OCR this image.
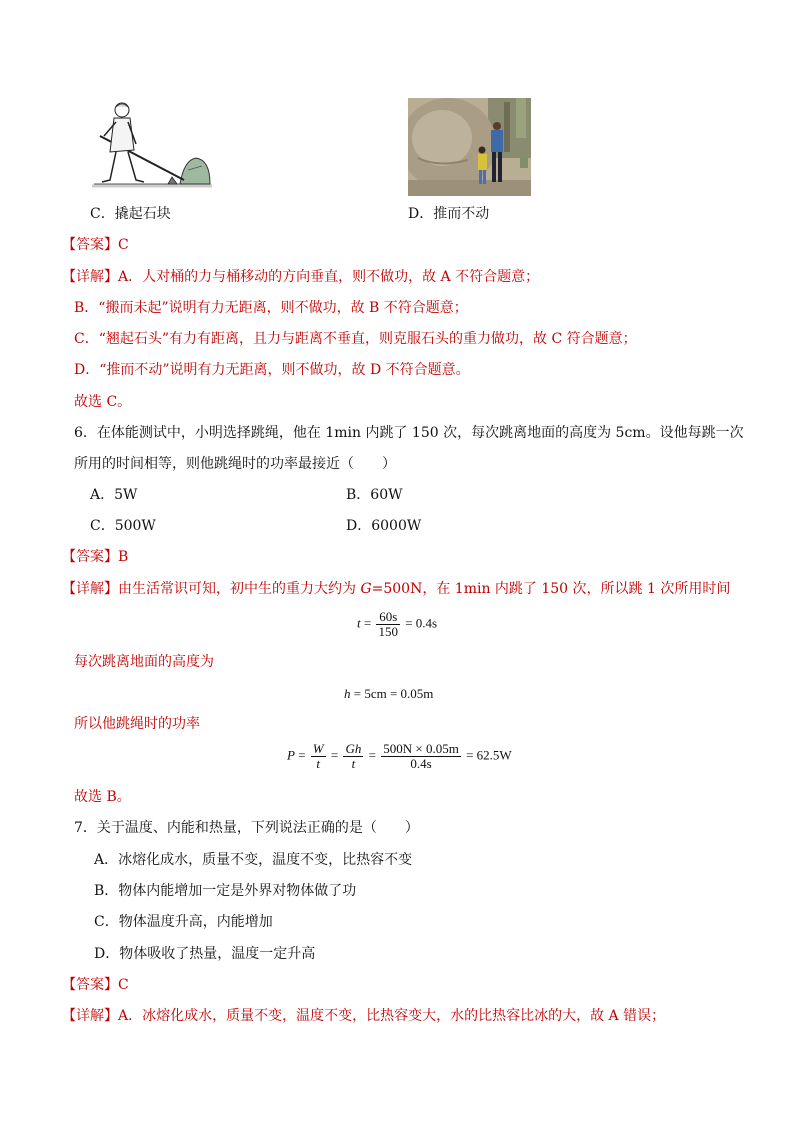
C．撬起石块	D．推而不动
【答案】C
【详解】A．人对桶的力与桶移动的方向垂直，则不做功，故 A 不符合题意；
B．“搬而未起”说明有力无距离，则不做功，故 B 不符合题意；
C．“翘起石头”有力有距离，且力与距离不垂直，则克服石头的重力做功，故 C 符合题意；
D．“推而不动”说明有力无距离，则不做功，故 D 不符合题意。
故选 C。
6．在体能测试中，小明选择跳绳，他在 1min 内跳了 150 次，每次跳离地面的高度为 5cm。设他每跳一次
所用的时间相等，则他跳绳时的功率最接近（　　）
A．5W	B．60W
C．500W	D．6000W
【答案】B
【详解】由生活常识可知，初中生的重力大约为 G=500N，在 1min 内跳了 150 次，所以跳 1 次所用时间
$t = \frac{60s}{150} = 0.4s$
每次跳离地面的高度为
h = 5cm = 0.05m
所以他跳绳时的功率
$P = \frac{W}{t} = \frac{Gh}{t} = \frac{500N \times 0.05m}{0.4s} = 62.5W$
故选 B。
7．关于温度、内能和热量，下列说法正确的是（　　）
A．冰熔化成水，质量不变，温度不变，比热容不变
B．物体内能增加一定是外界对物体做了功
C．物体温度升高，内能增加
D．物体吸收了热量，温度一定升高
【答案】C
【详解】A．冰熔化成水，质量不变，温度不变，比热容变大，水的比热容比冰的大，故 A 错误；
